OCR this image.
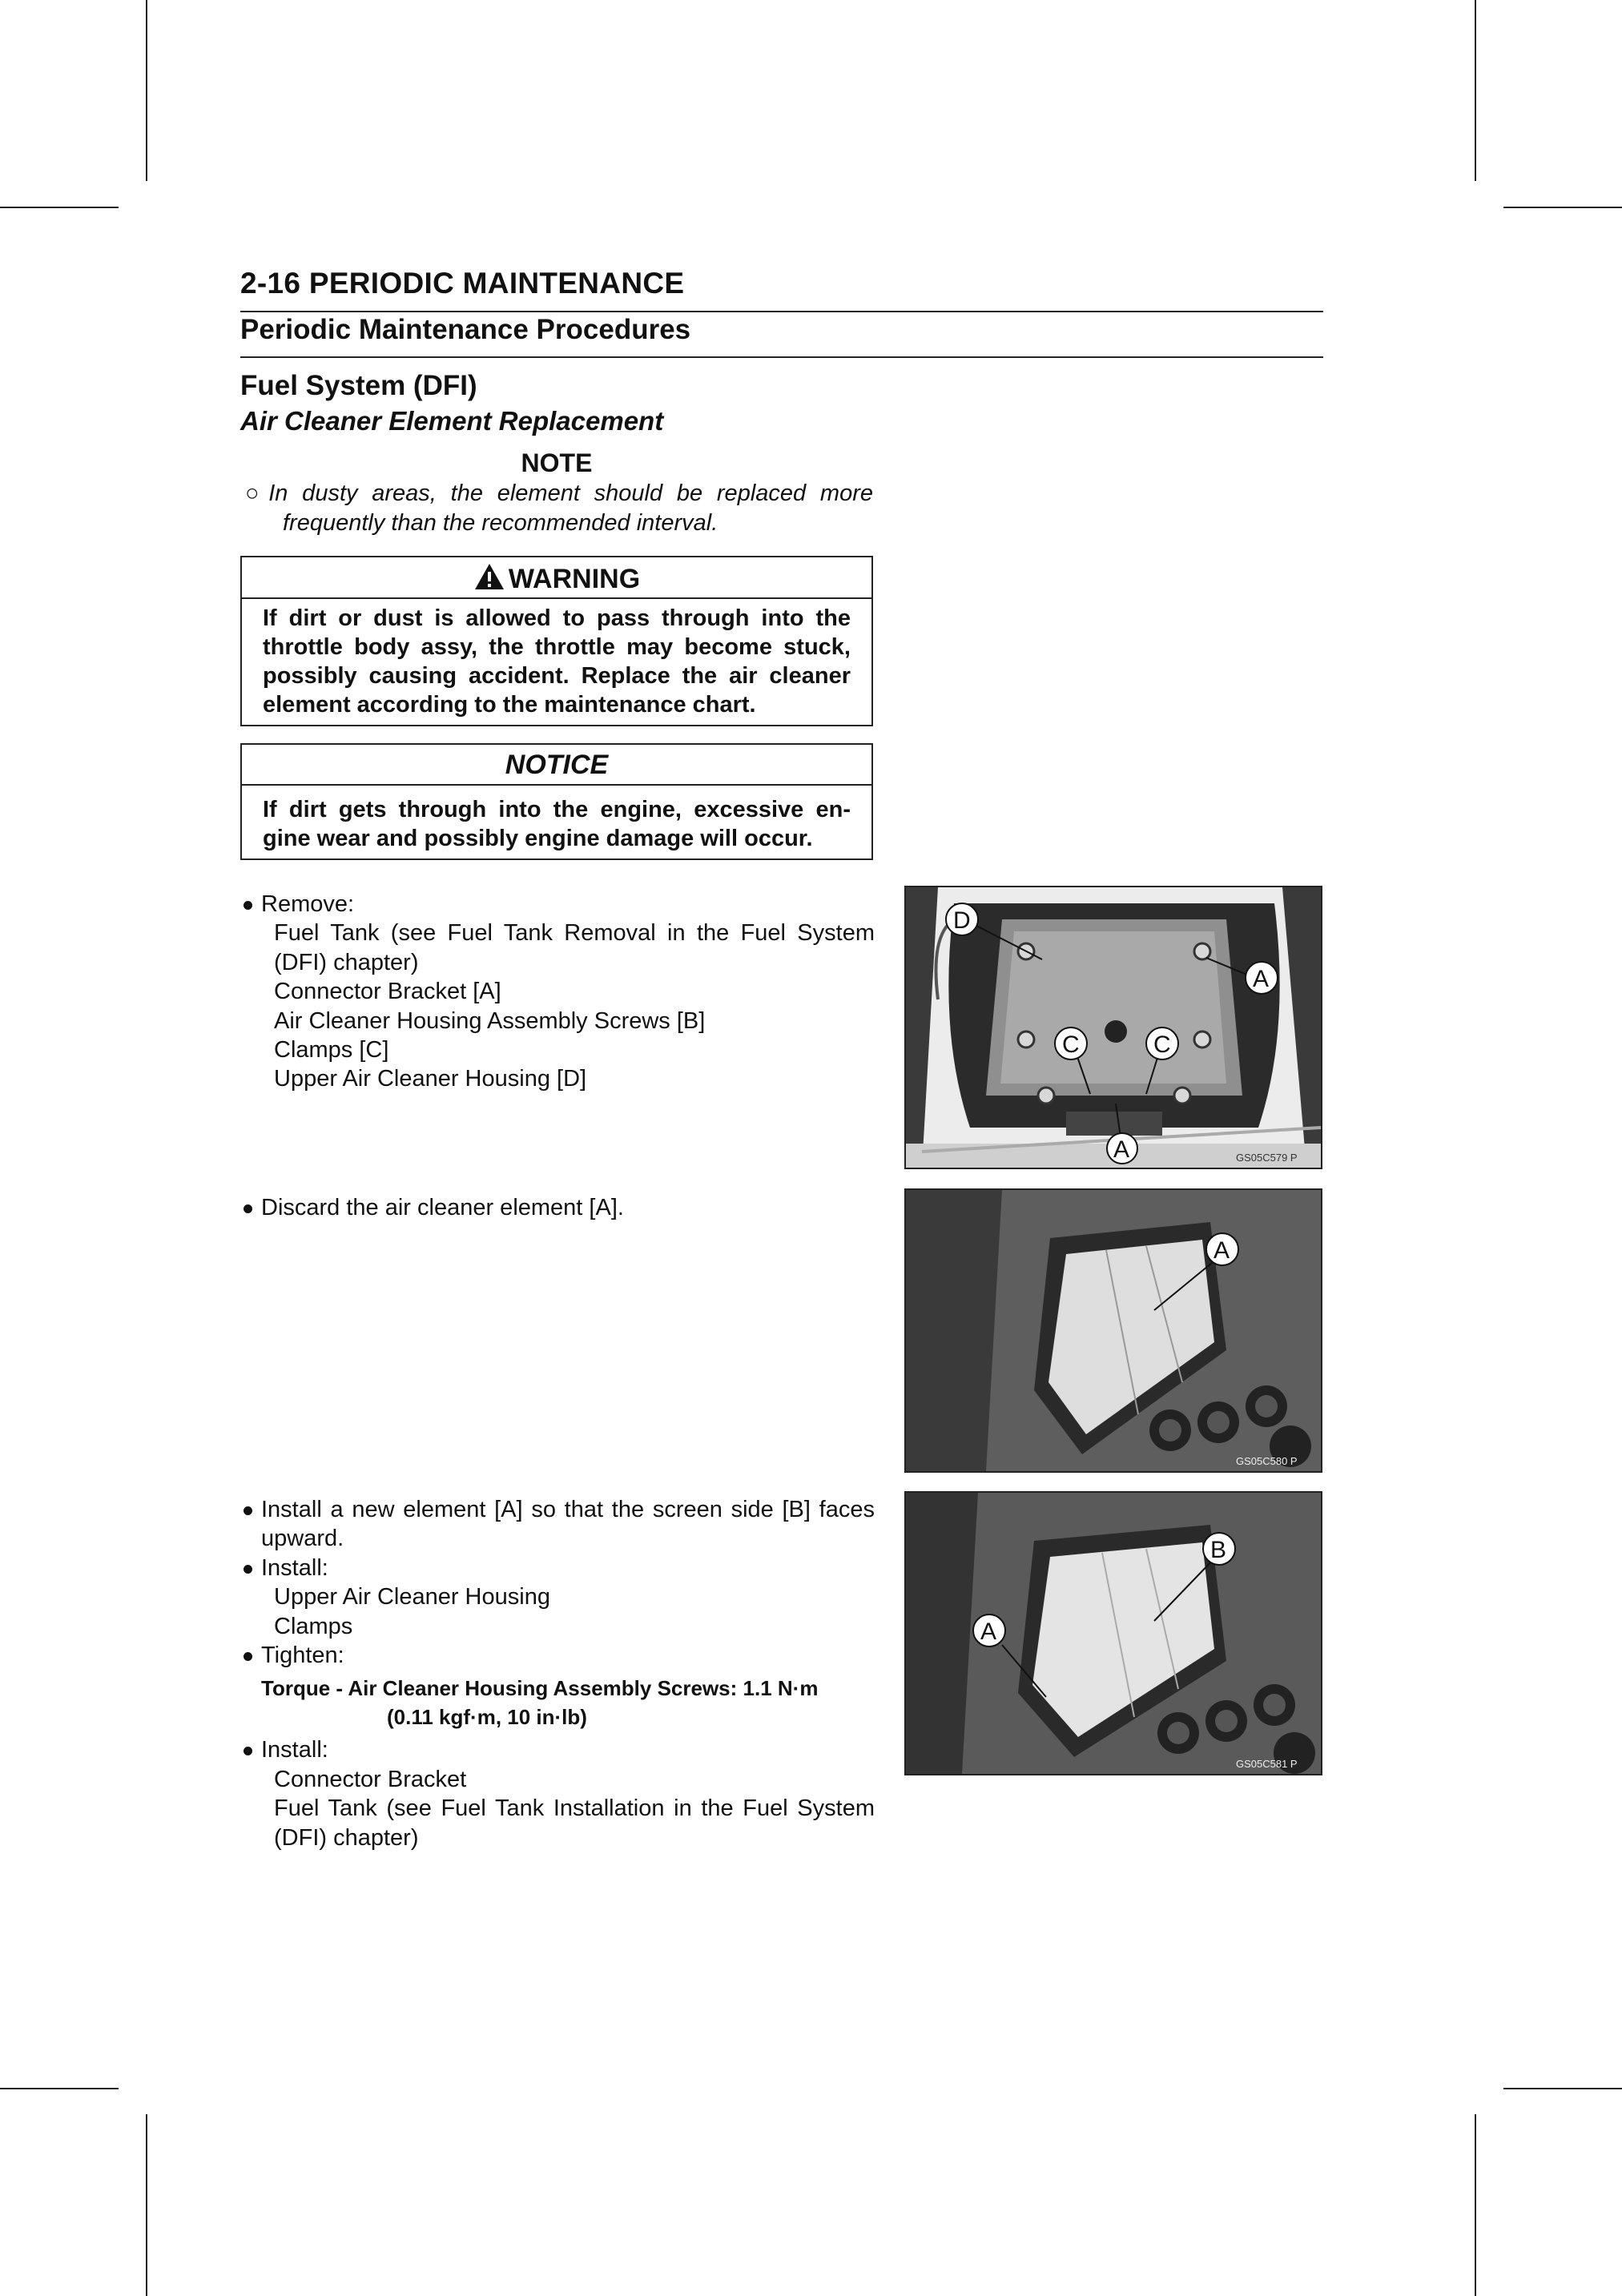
2-16 PERIODIC MAINTENANCE
Periodic Maintenance Procedures
Fuel System (DFI)
Air Cleaner Element Replacement
NOTE
○In dusty areas, the element should be replaced more frequently than the recommended interval.
WARNING
If dirt or dust is allowed to pass through into the throttle body assy, the throttle may become stuck, possibly causing accident. Replace the air cleaner element according to the maintenance chart.
NOTICE
If dirt gets through into the engine, excessive en-gine wear and possibly engine damage will occur.
Remove:
Fuel Tank (see Fuel Tank Removal in the Fuel System (DFI) chapter)
Connector Bracket [A]
Air Cleaner Housing Assembly Screws [B]
Clamps [C]
Upper Air Cleaner Housing [D]
Discard the air cleaner element [A].
Install a new element [A] so that the screen side [B] faces upward.
Install:
Upper Air Cleaner Housing
Clamps
Tighten:
Torque - Air Cleaner Housing Assembly Screws: 1.1 N·m
(0.11 kgf·m, 10 in·lb)
Install:
Connector Bracket
Fuel Tank (see Fuel Tank Installation in the Fuel System (DFI) chapter)
D
A
C	C
A	GS05C579 P
A
GS05C580 P
B
A
GS05C581 P
